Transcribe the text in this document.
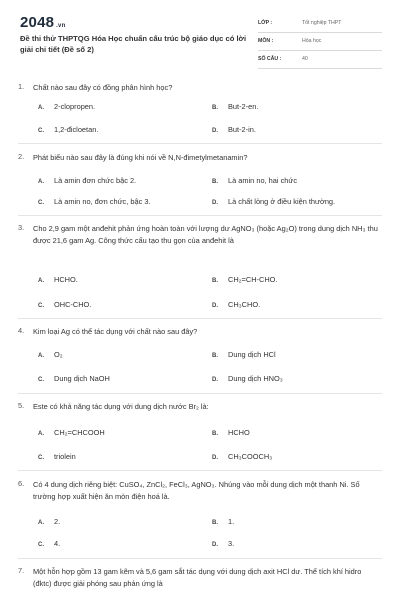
2048 .vn
Đề thi thử THPTQG Hóa Học chuẩn cấu trúc bộ giáo dục có lời giải chi tiết (Đề số 2)
LỚP :	Tốt nghiệp THPT
MÔN :	Hóa học
SỐ CÂU :	40
1.	Chất nào sau đây có đồng phân hình học?
A. 2-clopropen.	B. But-2-en.
C. 1,2-đicloetan.	D. But-2-in.
2.	Phát biểu nào sau đây là đúng khi nói về N,N-đimetylmetanamin?
A. Là amin đơn chức bậc 2.	B. Là amin no, hai chức
C. Là amin no, đơn chức, bậc 3.	D. Là chất lỏng ở điều kiện thường.
3.	Cho 2,9 gam một anđehit phản ứng hoàn toàn với lượng dư AgNO₃ (hoặc Ag₂O) trong dung dịch NH₃ thu được 21,6 gam Ag. Công thức cấu tạo thu gọn của anđehit là
A. HCHO.	B. CH₂=CH-CHO.
C. OHC-CHO.	D. CH₃CHO.
4.	Kim loại Ag có thể tác dụng với chất nào sau đây?
A. O₂	B. Dung dịch HCl
C. Dung dịch NaOH	D. Dung dịch HNO₃
5.	Este có khả năng tác dụng với dung dịch nước Br₂ là:
A. CH₂=CHCOOH	B. HCHO
C. triolein	D. CH₃COOCH₃
6.	Có 4 dung dịch riêng biệt: CuSO₄, ZnCl₂, FeCl₃, AgNO₃. Nhúng vào mỗi dung dịch một thanh Ni. Số trường hợp xuất hiện ăn mòn điện hoá là.
A. 2.	B. 1.
C. 4.	D. 3.
7.	Một hỗn hợp gồm 13 gam kẽm và 5,6 gam sắt tác dụng với dung dịch axit HCl dư. Thể tích khí hidro (đktc) được giải phóng sau phản ứng là
